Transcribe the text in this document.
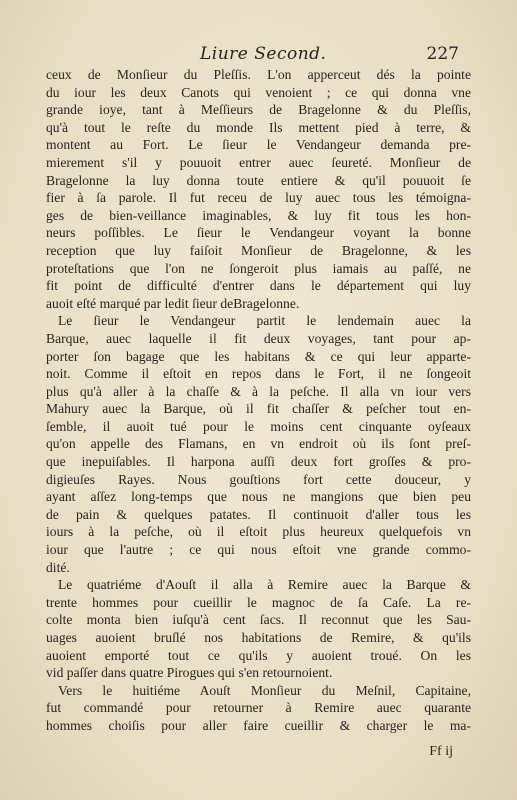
Liure Second.	227
ceux de Monſieur du Pleſſis. L'on apperceut dés la pointe
du iour les deux Canots qui venoient ; ce qui donna vne
grande ioye, tant à Meſſieurs de Bragelonne & du Pleſſis,
qu'à tout le reſte du monde Ils mettent pied à terre, &
montent au Fort. Le ſieur le Vendangeur demanda pre-
mierement s'il y pouuoit entrer auec ſeureté. Monſieur de
Bragelonne la luy donna toute entiere & qu'il pouuoit ſe
fier à ſa parole. Il fut receu de luy auec tous les témoigna-
ges de bien-veillance imaginables, & luy fit tous les hon-
neurs poſſibles. Le ſieur le Vendangeur voyant la bonne
reception que luy faiſoit Monſieur de Bragelonne, & les
proteſtations que l'on ne ſongeroit plus iamais au paſſé, ne
fit point de difficulté d'entrer dans le département qui luy
auoit eſté marqué par ledit ſieur deBragelonne.
Le ſieur le Vendangeur partit le lendemain auec la
Barque, auec laquelle il fit deux voyages, tant pour ap-
porter ſon bagage que les habitans & ce qui leur apparte-
noit. Comme il eſtoit en repos dans le Fort, il ne ſongeoit
plus qu'à aller à la chaſſe & à la peſche. Il alla vn iour vers
Mahury auec la Barque, où il fit chaſſer & peſcher tout en-
ſemble, il auoit tué pour le moins cent cinquante oyſeaux
qu'on appelle des Flamans, en vn endroit où ils ſont preſ-
que inepuiſables. Il harpona auſſi deux fort groſſes & pro-
digieuſes Rayes. Nous gouſtions fort cette douceur, y
ayant aſſez long-temps que nous ne mangions que bien peu
de pain & quelques patates. Il continuoit d'aller tous les
iours à la peſche, où il eſtoit plus heureux quelquefois vn
iour que l'autre ; ce qui nous eſtoit vne grande commo-
dité.
Le quatriéme d'Aouſt il alla à Remire auec la Barque &
trente hommes pour cueillir le magnoc de ſa Caſe. La re-
colte monta bien iuſqu'à cent ſacs. Il reconnut que les Sau-
uages auoient bruſlé nos habitations de Remire, & qu'ils
auoient emporté tout ce qu'ils y auoient troué. On les
vid paſſer dans quatre Pirogues qui s'en retournoient.
Vers le huitiéme Aouſt Monſieur du Meſnil, Capitaine,
fut commandé pour retourner à Remire auec quarante
hommes choiſis pour aller faire cueillir & charger le ma-
Ff ij
